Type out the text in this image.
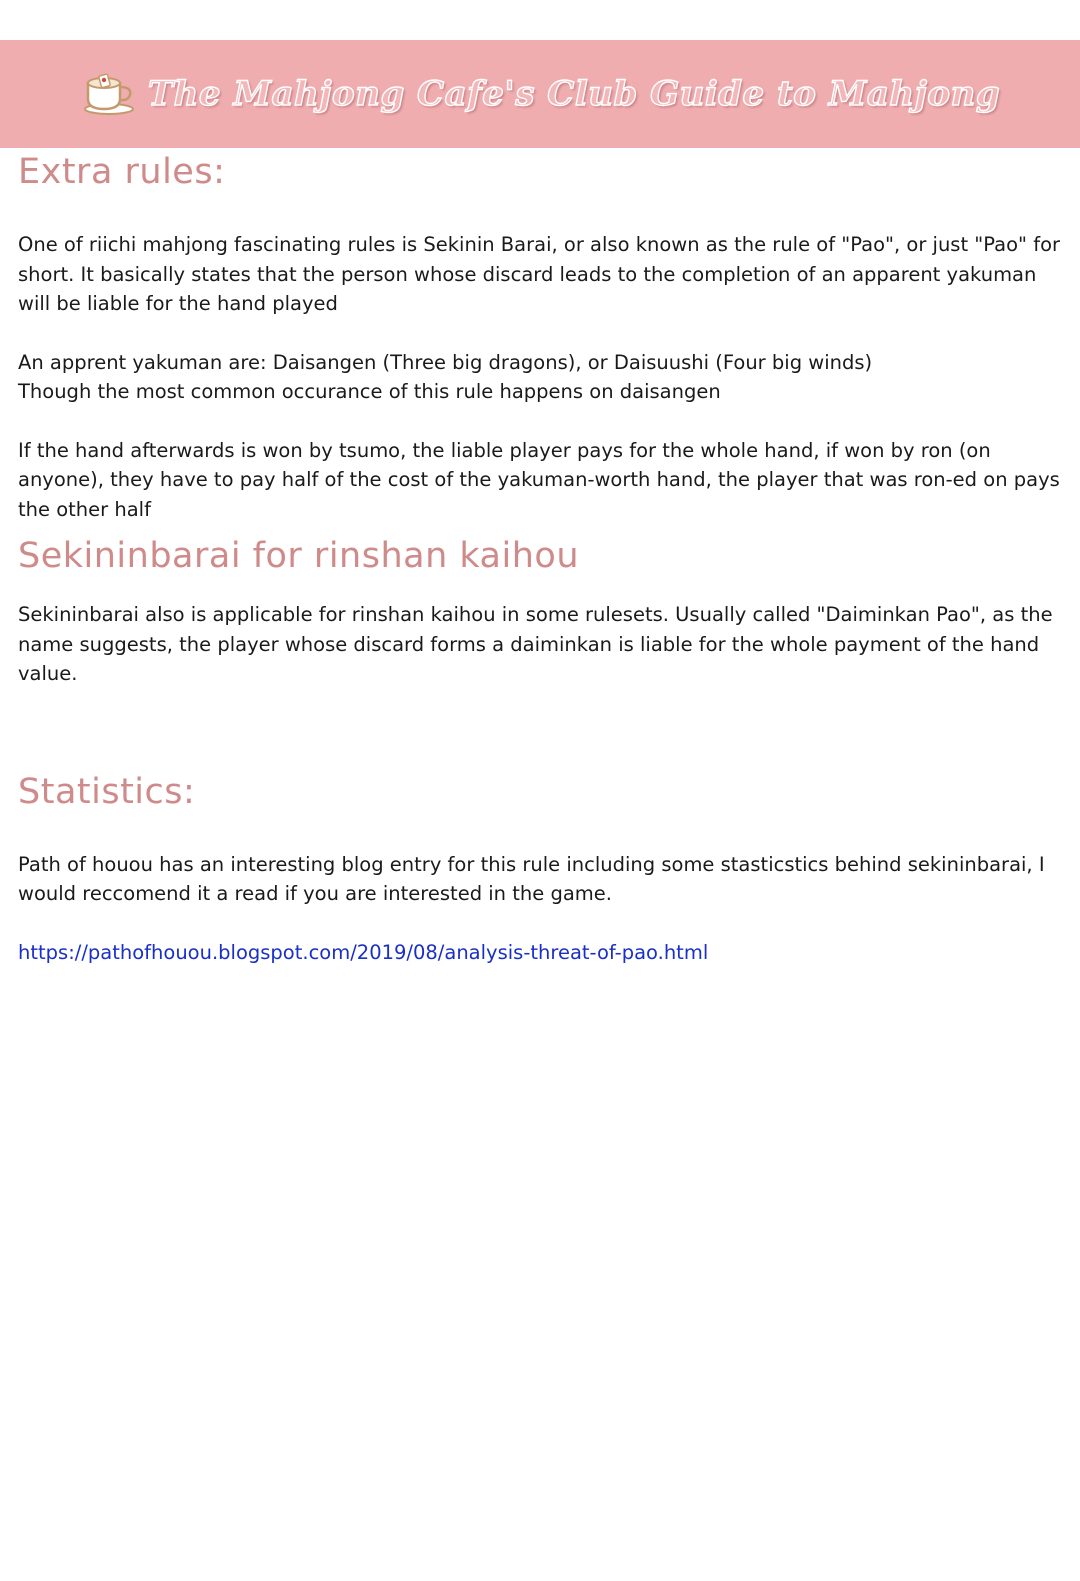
The Mahjong Cafe's Club Guide to Mahjong
Extra rules:

One of riichi mahjong fascinating rules is Sekinin Barai, or also known as the rule of "Pao", or just "Pao" for short. It basically states that the person whose discard leads to the completion of an apparent yakuman will be liable for the hand played

An apprent yakuman are: Daisangen (Three big dragons), or Daisuushi (Four big winds)
Though the most common occurance of this rule happens on daisangen

If the hand afterwards is won by tsumo, the liable player pays for the whole hand, if won by ron (on anyone), they have to pay half of the cost of the yakuman-worth hand, the player that was ron-ed on pays the other half

Sekininbarai for rinshan kaihou

Sekininbarai also is applicable for rinshan kaihou in some rulesets. Usually called "Daiminkan Pao", as the name suggests, the player whose discard forms a daiminkan is liable for the whole payment of the hand value.

Statistics:

Path of houou has an interesting blog entry for this rule including some stasticstics behind sekininbarai, I would reccomend it a read if you are interested in the game.

https://pathofhouou.blogspot.com/2019/08/analysis-threat-of-pao.html
